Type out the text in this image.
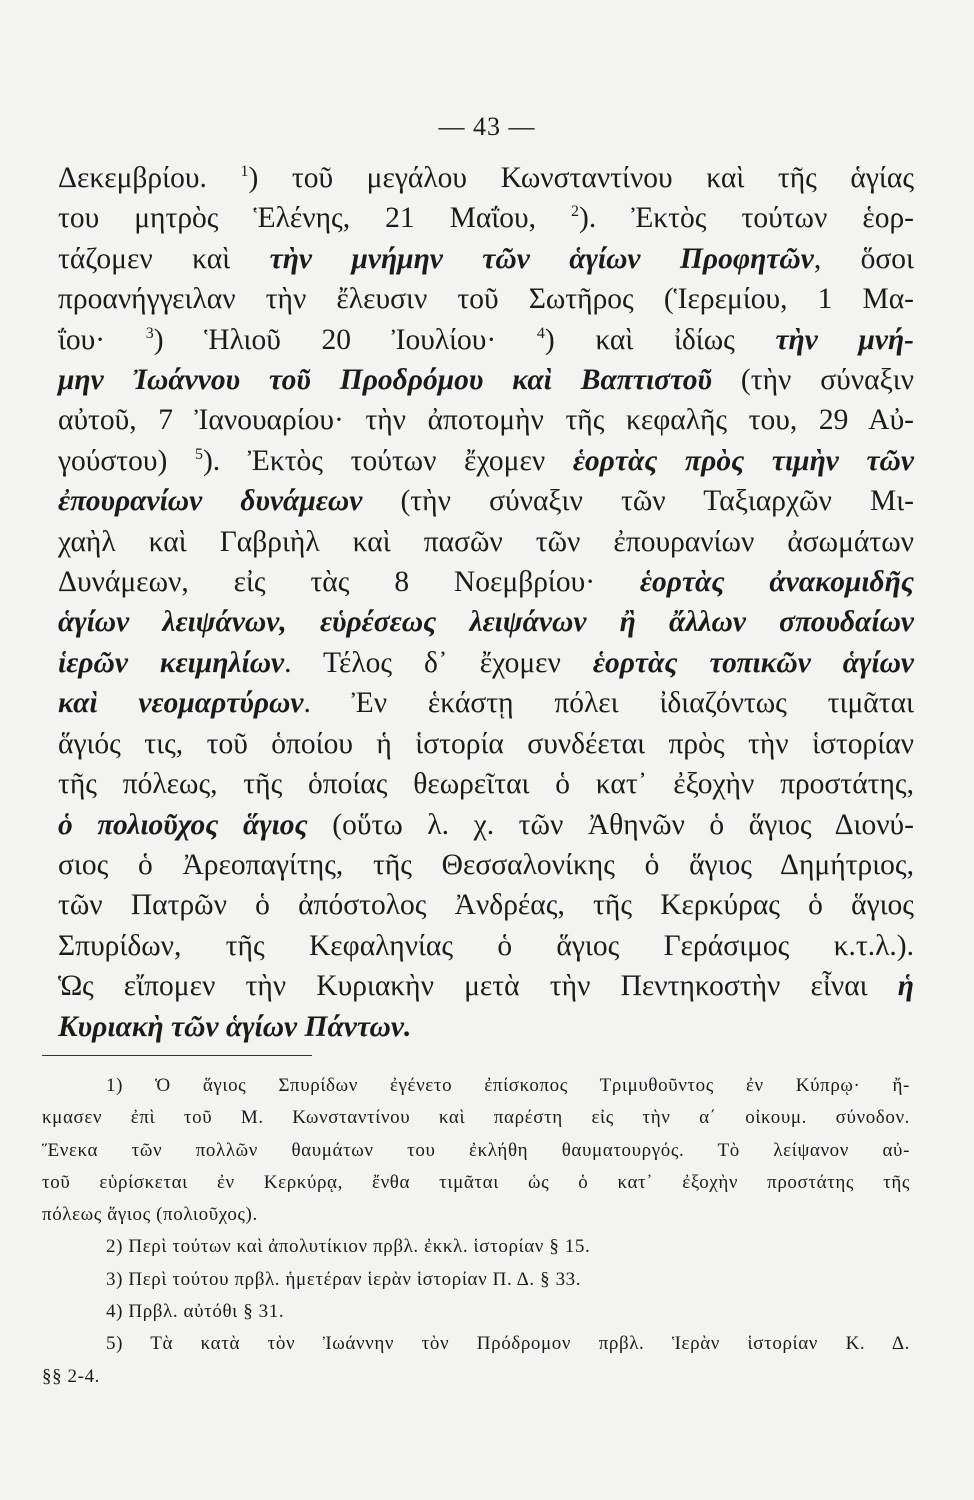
— 43 —
Δεκεμβρίου. $^1$) τοῦ μεγάλου Κωνσταντίνου καὶ τῆς ἁγίας
του μητρὸς Ἑλένης, 21 Μαΐου, $^2$). Ἐκτὸς τούτων ἑορ-
τάζομεν καὶ τὴν μνήμην τῶν ἁγίων Προφητῶν, ὅσοι
προανήγγειλαν τὴν ἔλευσιν τοῦ Σωτῆρος (Ἱερεμίου, 1 Μα-
ΐου· $^3$) Ἡλιοῦ 20 Ἰουλίου· $^4$) καὶ ἰδίως τὴν μνή-
μην Ἰωάννου τοῦ Προδρόμου καὶ Βαπτιστοῦ (τὴν σύναξιν
αὐτοῦ, 7 Ἰανουαρίου· τὴν ἀποτομὴν τῆς κεφαλῆς του, 29 Αὐ-
γούστου) $^5$). Ἐκτὸς τούτων ἔχομεν ἑορτὰς πρὸς τιμὴν τῶν
ἐπουρανίων δυνάμεων (τὴν σύναξιν τῶν Ταξιαρχῶν Μι-
χαὴλ καὶ Γαβριὴλ καὶ πασῶν τῶν ἐπουρανίων ἀσωμάτων
Δυνάμεων, εἰς τὰς 8 Νοεμβρίου· ἑορτὰς ἀνακομιδῆς
ἁγίων λειψάνων, εὑρέσεως λειψάνων ἢ ἄλλων σπουδαίων
ἱερῶν κειμηλίων. Τέλος δ᾽ ἔχομεν ἑορτὰς τοπικῶν ἁγίων
καὶ νεομαρτύρων. Ἐν ἑκάστῃ πόλει ἰδιαζόντως τιμᾶται
ἅγιός τις, τοῦ ὁποίου ἡ ἱστορία συνδέεται πρὸς τὴν ἱστορίαν
τῆς πόλεως, τῆς ὁποίας θεωρεῖται ὁ κατ᾽ ἐξοχὴν προστάτης,
ὁ πολιοῦχος ἅγιος (οὕτω λ. χ. τῶν Ἀθηνῶν ὁ ἅγιος Διονύ-
σιος ὁ Ἀρεοπαγίτης, τῆς Θεσσαλονίκης ὁ ἅγιος Δημήτριος,
τῶν Πατρῶν ὁ ἀπόστολος Ἀνδρέας, τῆς Κερκύρας ὁ ἅγιος
Σπυρίδων, τῆς Κεφαληνίας ὁ ἅγιος Γεράσιμος κ.τ.λ.).
Ὡς εἴπομεν τὴν Κυριακὴν μετὰ τὴν Πεντηκοστὴν εἶναι ἡ
Κυριακὴ τῶν ἁγίων Πάντων.
1) Ὁ ἅγιος Σπυρίδων ἐγένετο ἐπίσκοπος Τριμυθοῦντος ἐν Κύπρῳ· ἤ-
κμασεν ἐπὶ τοῦ Μ. Κωνσταντίνου καὶ παρέστη εἰς τὴν α΄ οἰκουμ. σύνοδον.
Ἕνεκα τῶν πολλῶν θαυμάτων του ἐκλήθη θαυματουργός. Τὸ λείψανον αὐ-
τοῦ εὑρίσκεται ἐν Κερκύρᾳ, ἔνθα τιμᾶται ὡς ὁ κατ᾽ ἐξοχὴν προστάτης τῆς
πόλεως ἅγιος (πολιοῦχος).
2) Περὶ τούτων καὶ ἀπολυτίκιον πρβλ. ἐκκλ. ἱστορίαν § 15.
3) Περὶ τούτου πρβλ. ἡμετέραν ἱερὰν ἱστορίαν Π. Δ. § 33.
4) Πρβλ. αὐτόθι § 31.
5) Τὰ κατὰ τὸν Ἰωάννην τὸν Πρόδρομον πρβλ. Ἱερὰν ἱστορίαν Κ. Δ.
§§ 2-4.
